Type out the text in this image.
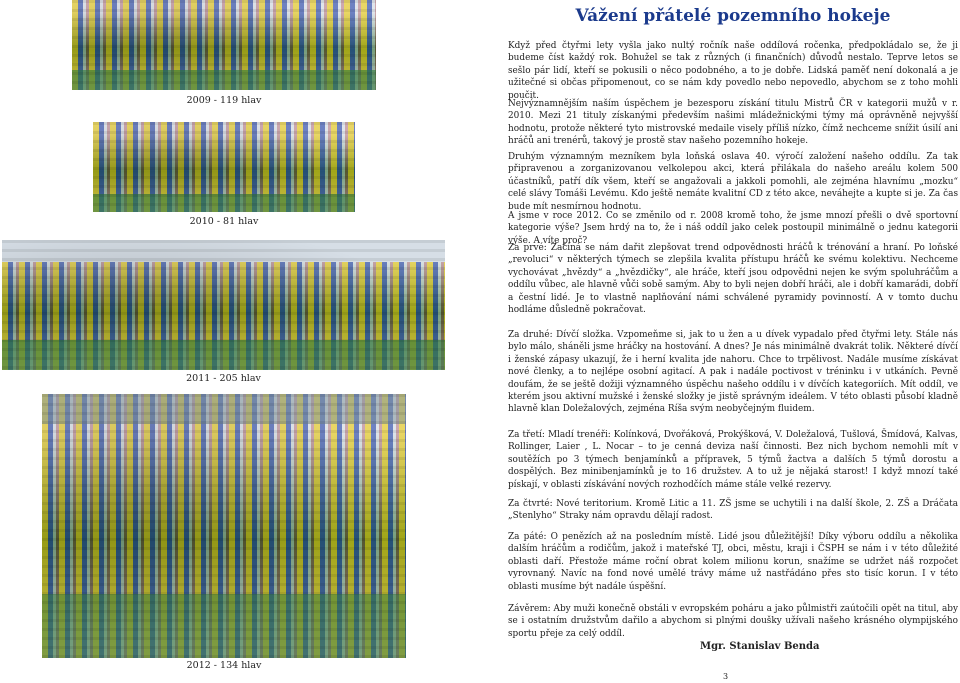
2009 - 119 hlav
2010 - 81 hlav
2011 - 205 hlav
2012 - 134 hlav
Vážení přátelé pozemního hokeje
Když před čtyřmi lety vyšla jako nultý ročník naše oddílová ročenka, předpokládalo se, že ji budeme číst každý rok. Bohužel se tak z různých (i finančních) důvodů nestalo. Teprve letos se sešlo pár lidí, kteří se pokusili o něco podobného, a to je dobře. Lidská paměť není dokonalá a je užitečné si občas připomenout, co se nám kdy povedlo nebo nepovedlo, abychom se z toho mohli poučit.
Nejvýznamnějším naším úspěchem je bezesporu získání titulu Mistrů ČR v kategorii mužů v r. 2010. Mezi 21 tituly získanými především našimi mládežnickými týmy má oprávněně nejvyšší hodnotu, protože některé tyto mistrovské medaile visely příliš nízko, čímž nechceme snížit úsilí ani hráčů ani trenérů, takový je prostě stav našeho pozemního hokeje.
Druhým významným mezníkem byla loňská oslava 40. výročí založení našeho oddílu. Za tak připravenou a zorganizovanou velkolepou akci, která přilákala do našeho areálu kolem 500 účastníků, patří dík všem, kteří se angažovali a jakkoli pomohli, ale zejména hlavnímu „mozku“ celé slávy Tomáši Levému. Kdo ještě nemáte kvalitní CD z této akce, neváhejte a kupte si je. Za čas bude mít nesmírnou hodnotu.
A jsme v roce 2012. Co se změnilo od r. 2008 kromě toho, že jsme mnozí přešli o dvě sportovní kategorie výše? Jsem hrdý na to, že i náš oddíl jako celek postoupil minimálně o jednu kategorii výše. A víte proč?
Za prvé: Začíná se nám dařit zlepšovat trend odpovědnosti hráčů k trénování a hraní. Po loňské „revoluci“ v některých týmech se zlepšila kvalita přístupu hráčů ke svému kolektivu. Nechceme vychovávat „hvězdy“ a „hvězdičky“, ale hráče, kteří jsou odpovědni nejen ke svým spoluhráčům a oddílu vůbec, ale hlavně vůči sobě samým. Aby to byli nejen dobří hráči, ale i dobří kamarádi, dobří a čestní lidé. Je to vlastně naplňování námi schválené pyramidy povinností. A v tomto duchu hodláme důsledně pokračovat.
Za druhé: Dívčí složka. Vzpomeňme si, jak to u žen a u dívek vypadalo před čtyřmi lety. Stále nás bylo málo, sháněli jsme hráčky na hostování. A dnes? Je nás minimálně dvakrát tolik. Některé dívčí i ženské zápasy ukazují, že i herní kvalita jde nahoru. Chce to trpělivost. Nadále musíme získávat nové členky, a to nejlépe osobní agitací. A pak i nadále poctivost v tréninku i v utkáních. Pevně doufám, že se ještě dožiji významného úspěchu našeho oddílu i v dívčích kategoriích. Mít oddíl, ve kterém jsou aktivní mužské i ženské složky je jistě správným ideálem. V této oblasti působí kladně hlavně klan Doležalových, zejména Ríša svým neobyčejným fluidem.
Za třetí: Mladí trenéři: Kolínková, Dvořáková, Prokýšková, V. Doležalová, Tušlová, Šmídová, Kalvas, Rollinger, Laier , L. Nocar – to je cenná deviza naší činnosti. Bez nich bychom nemohli mít v soutěžích po 3 týmech benjamínků a přípravek, 5 týmů žactva a dalších 5 týmů dorostu a dospělých. Bez minibenjamínků je to 16 družstev. A to už je nějaká starost! I když mnozí také pískají, v oblasti získávání nových rozhodčích máme stále velké rezervy.
Za čtvrté: Nové teritorium. Kromě Litic a 11. ZŠ jsme se uchytili i na další škole, 2. ZŠ a Dráčata „Stenlyho“ Straky nám opravdu dělají radost.
Za páté: O penězích až na posledním místě. Lidé jsou důležitější! Díky výboru oddílu a několika dalším hráčům a rodičům, jakož i mateřské TJ, obci, městu, kraji i ČSPH se nám i v této důležité oblasti daří. Přestože máme roční obrat kolem milionu korun, snažíme se udržet náš rozpočet vyrovnaný. Navíc na fond nové umělé trávy máme už nastřádáno přes sto tisíc korun. I v této oblasti musíme být nadále úspěšní.
Závěrem: Aby muži konečně obstáli v evropském poháru a jako půlmistři zaútočili opět na titul, aby se i ostatním družstvům dařilo a abychom si plnými doušky užívali našeho krásného olympijského sportu přeje za celý oddíl.
Mgr. Stanislav Benda
3
